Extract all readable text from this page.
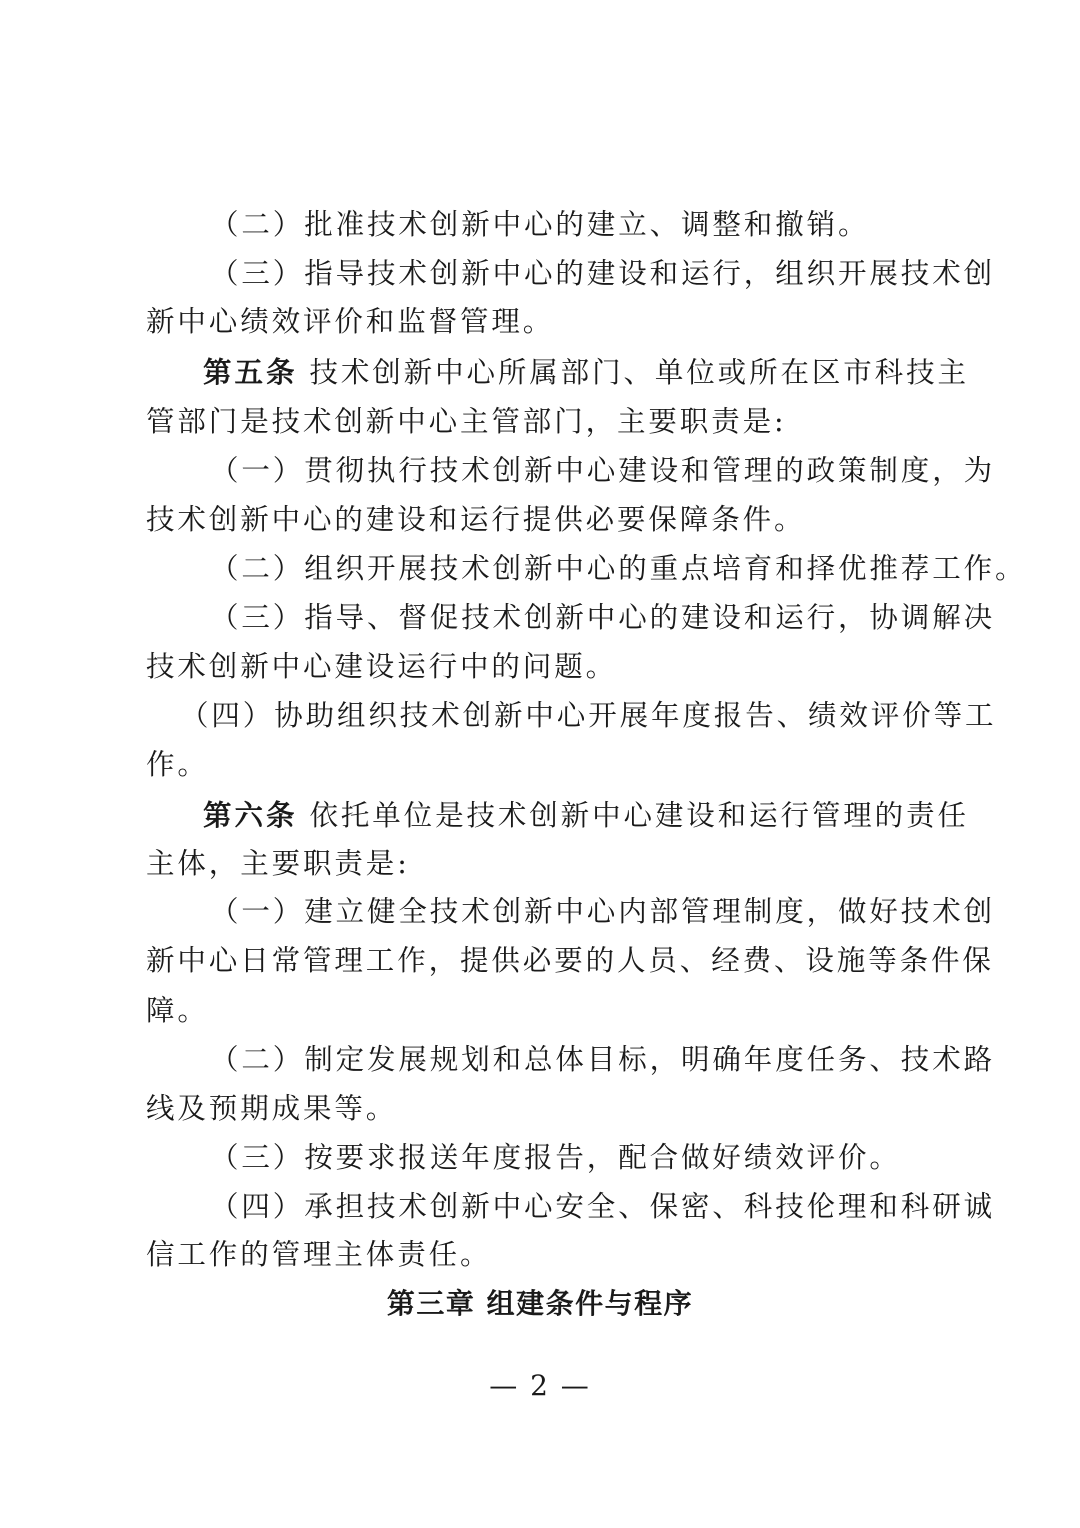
（二）批准技术创新中心的建立、调整和撤销。
（三）指导技术创新中心的建设和运行，组织开展技术创
新中心绩效评价和监督管理。
第五条 技术创新中心所属部门、单位或所在区市科技主
管部门是技术创新中心主管部门，主要职责是:
（一）贯彻执行技术创新中心建设和管理的政策制度，为
技术创新中心的建设和运行提供必要保障条件。
（二）组织开展技术创新中心的重点培育和择优推荐工作。
（三）指导、督促技术创新中心的建设和运行，协调解决
技术创新中心建设运行中的问题。
（四）协助组织技术创新中心开展年度报告、绩效评价等工
作。
第六条 依托单位是技术创新中心建设和运行管理的责任
主体，主要职责是:
（一）建立健全技术创新中心内部管理制度，做好技术创
新中心日常管理工作，提供必要的人员、经费、设施等条件保
障。
（二）制定发展规划和总体目标，明确年度任务、技术路
线及预期成果等。
（三）按要求报送年度报告，配合做好绩效评价。
（四）承担技术创新中心安全、保密、科技伦理和科研诚
信工作的管理主体责任。
第三章 组建条件与程序
— 2 —
